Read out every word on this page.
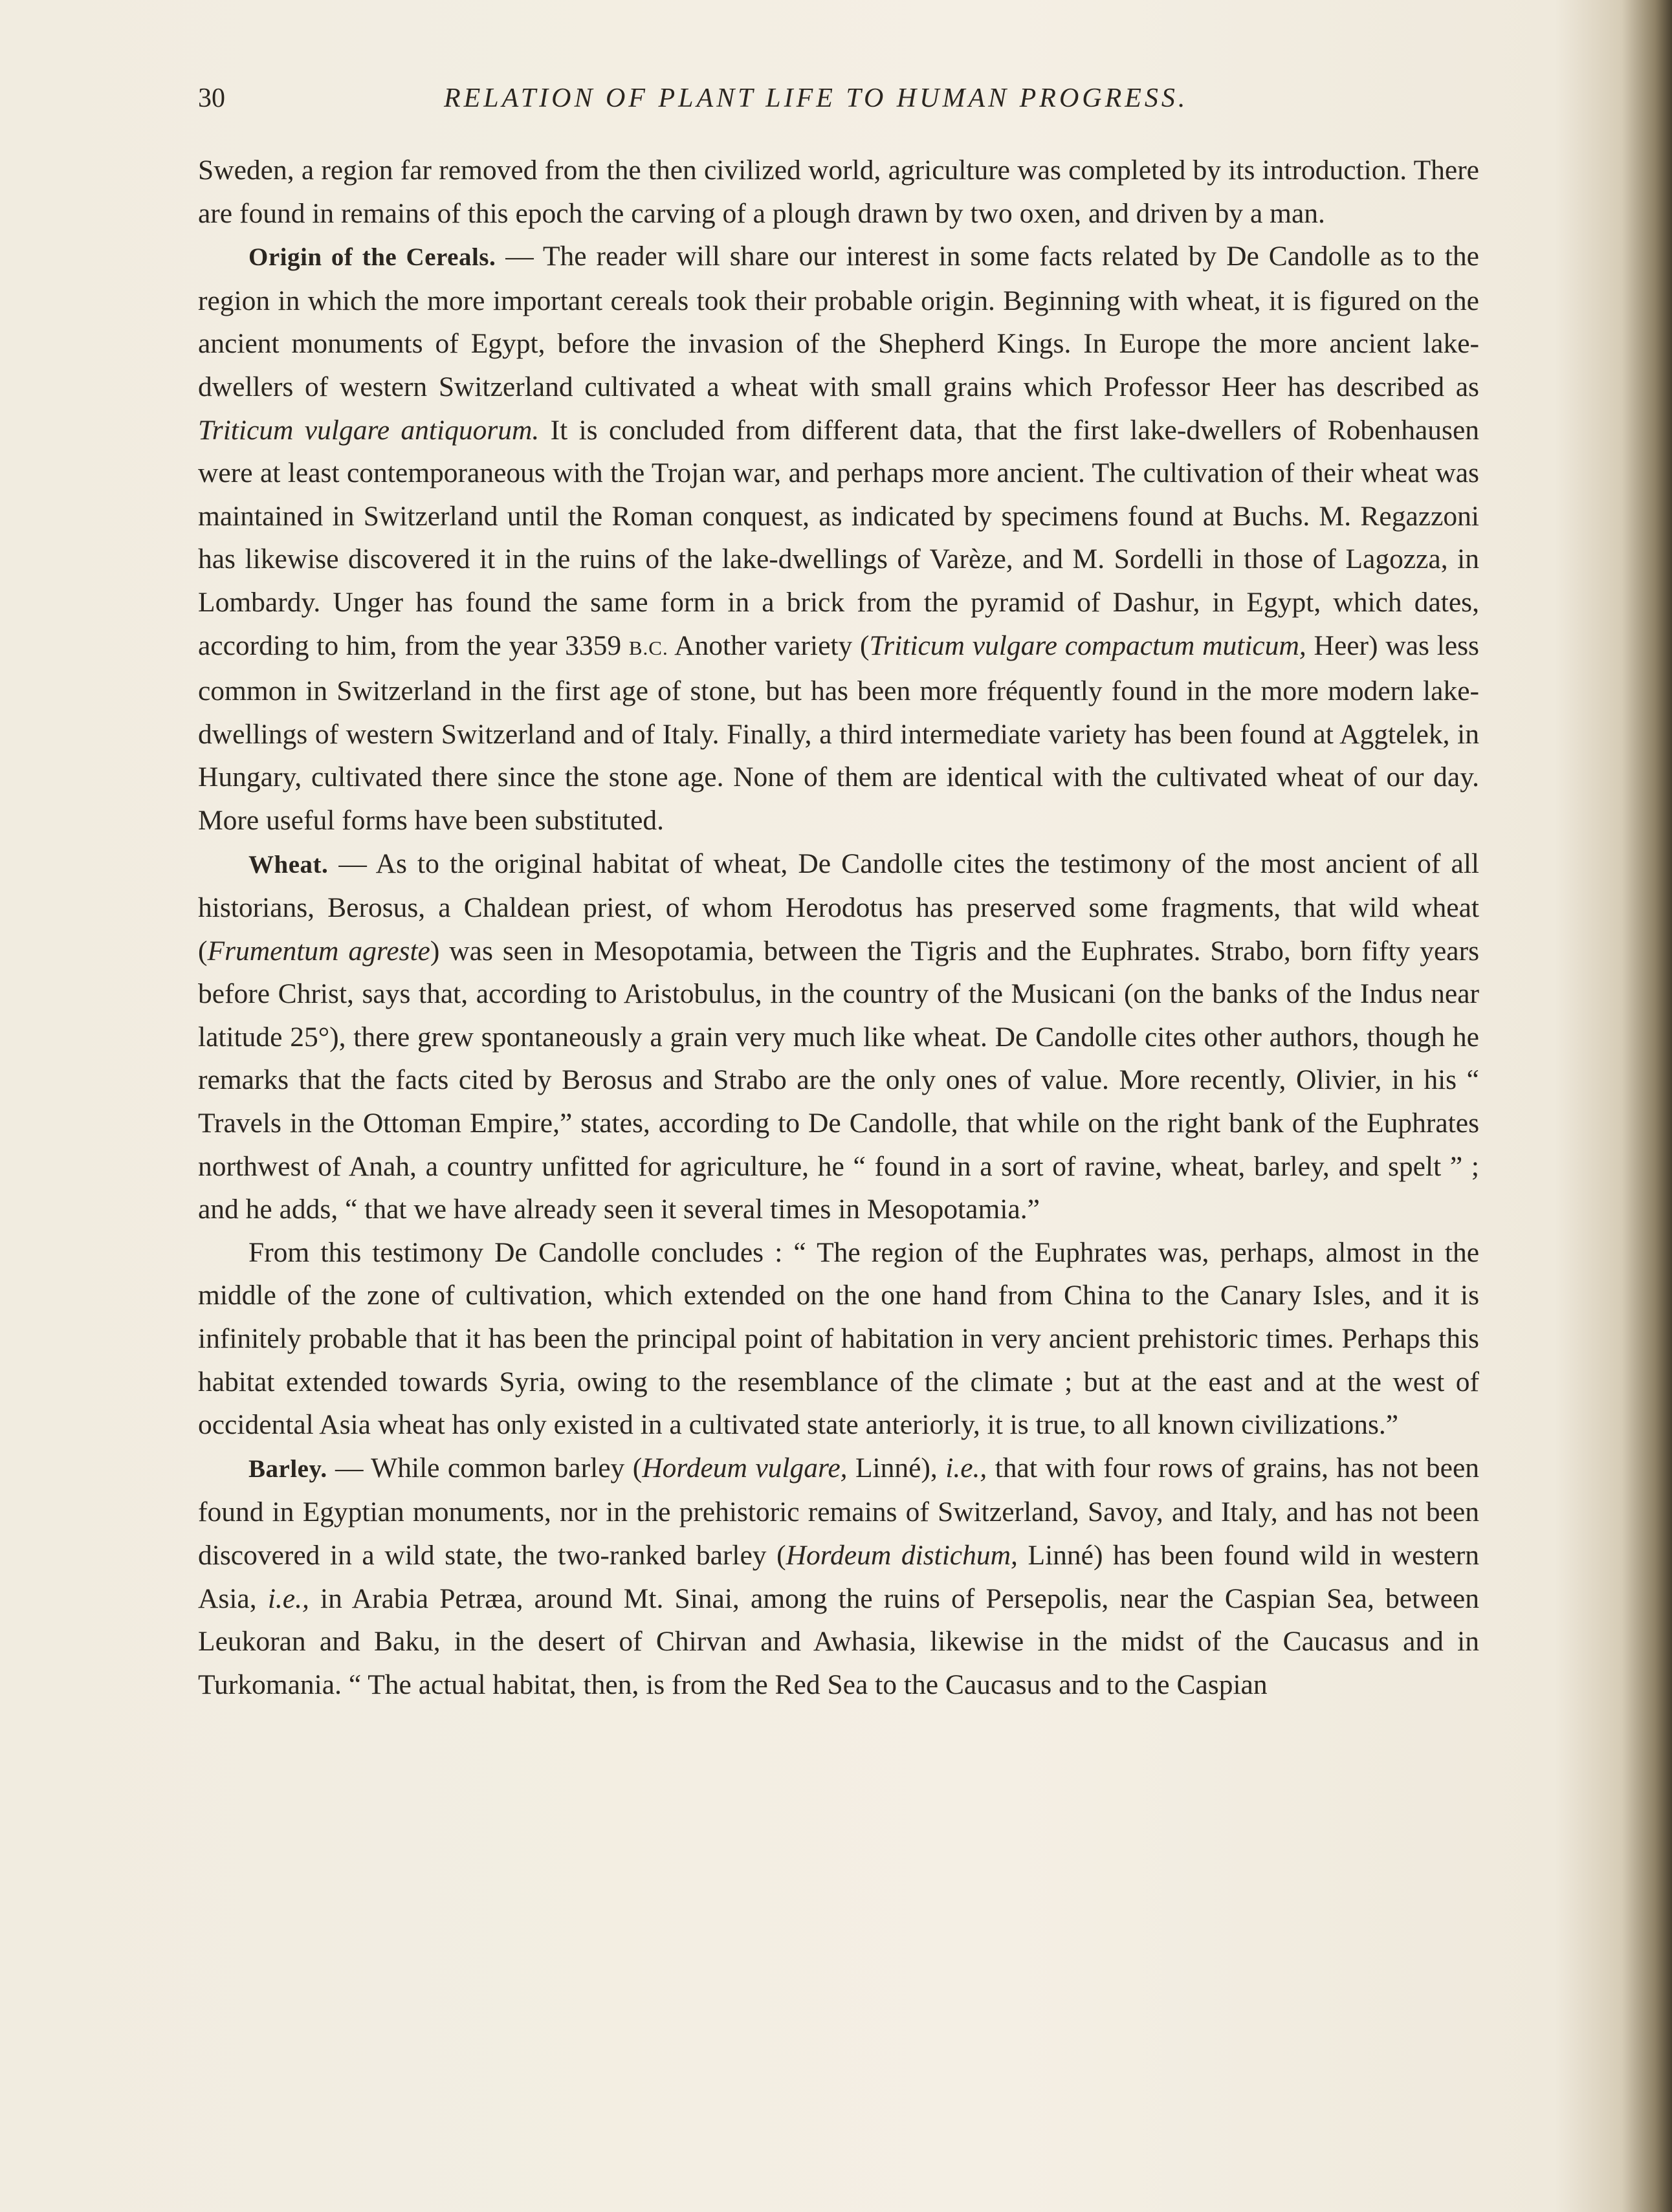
30	RELATION OF PLANT LIFE TO HUMAN PROGRESS.

Sweden, a region far removed from the then civilized world, agriculture was completed by its introduction. There are found in remains of this epoch the carving of a plough drawn by two oxen, and driven by a man.

Origin of the Cereals. — The reader will share our interest in some facts related by De Candolle as to the region in which the more important cereals took their probable origin. Beginning with wheat, it is figured on the ancient monuments of Egypt, before the invasion of the Shepherd Kings. In Europe the more ancient lake-dwellers of western Switzerland cultivated a wheat with small grains which Professor Heer has described as Triticum vulgare antiquorum. It is concluded from different data, that the first lake-dwellers of Robenhausen were at least contemporaneous with the Trojan war, and perhaps more ancient. The cultivation of their wheat was maintained in Switzerland until the Roman conquest, as indicated by specimens found at Buchs. M. Regazzoni has likewise discovered it in the ruins of the lake-dwellings of Varèze, and M. Sordelli in those of Lagozza, in Lombardy. Unger has found the same form in a brick from the pyramid of Dashur, in Egypt, which dates, according to him, from the year 3359 B.C. Another variety (Triticum vulgare compactum muticum, Heer) was less common in Switzerland in the first age of stone, but has been more fréquently found in the more modern lake-dwellings of western Switzerland and of Italy. Finally, a third intermediate variety has been found at Aggtelek, in Hungary, cultivated there since the stone age. None of them are identical with the cultivated wheat of our day. More useful forms have been substituted.

Wheat. — As to the original habitat of wheat, De Candolle cites the testimony of the most ancient of all historians, Berosus, a Chaldean priest, of whom Herodotus has preserved some fragments, that wild wheat (Frumentum agreste) was seen in Mesopotamia, between the Tigris and the Euphrates. Strabo, born fifty years before Christ, says that, according to Aristobulus, in the country of the Musicani (on the banks of the Indus near latitude 25°), there grew spontaneously a grain very much like wheat. De Candolle cites other authors, though he remarks that the facts cited by Berosus and Strabo are the only ones of value. More recently, Olivier, in his “ Travels in the Ottoman Empire,” states, according to De Candolle, that while on the right bank of the Euphrates northwest of Anah, a country unfitted for agriculture, he “ found in a sort of ravine, wheat, barley, and spelt ” ; and he adds, “ that we have already seen it several times in Mesopotamia.”

From this testimony De Candolle concludes : “ The region of the Euphrates was, perhaps, almost in the middle of the zone of cultivation, which extended on the one hand from China to the Canary Isles, and it is infinitely probable that it has been the principal point of habitation in very ancient prehistoric times. Perhaps this habitat extended towards Syria, owing to the resemblance of the climate ; but at the east and at the west of occidental Asia wheat has only existed in a cultivated state anteriorly, it is true, to all known civilizations.”

Barley. — While common barley (Hordeum vulgare, Linné), i.e., that with four rows of grains, has not been found in Egyptian monuments, nor in the prehistoric remains of Switzerland, Savoy, and Italy, and has not been discovered in a wild state, the two-ranked barley (Hordeum distichum, Linné) has been found wild in western Asia, i.e., in Arabia Petræa, around Mt. Sinai, among the ruins of Persepolis, near the Caspian Sea, between Leukoran and Baku, in the desert of Chirvan and Awhasia, likewise in the midst of the Caucasus and in Turkomania. “ The actual habitat, then, is from the Red Sea to the Caucasus and to the Caspian
